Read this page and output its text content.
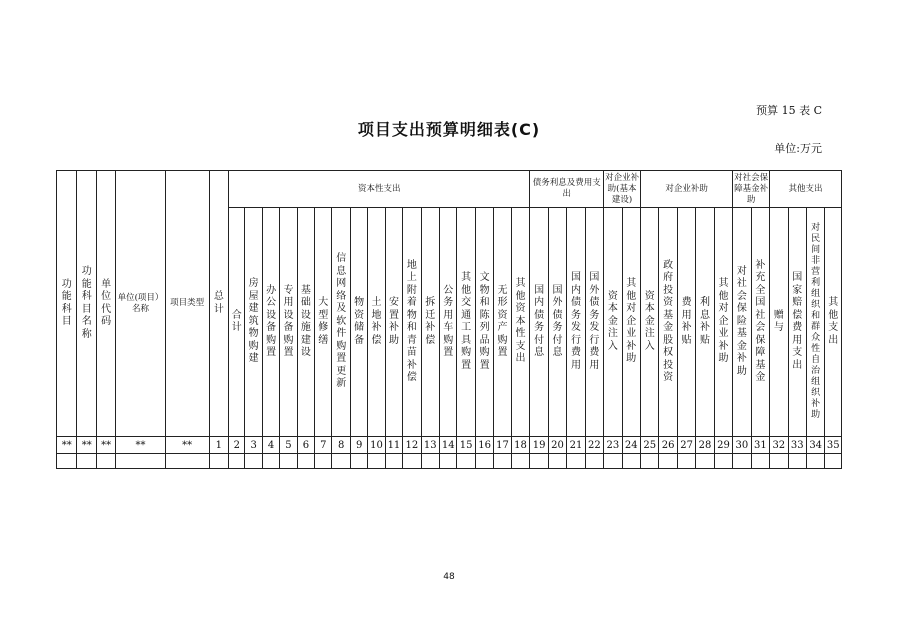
预算 15 表 C
项目支出预算明细表(C)
单位:万元
功能科目	功能科目名称	单位代码	单位(项目）名称	项目类型	总计	资本性支出																	债务利息及费用支出				对企业补助(基本建设)		对企业补助					对社会保障基金补助		其他支出			
						合计	房屋建筑物购建	办公设备购置	专用设备购置	基础设施建设	大型修缮	信息网络及软件购置更新	物资储备	土地补偿	安置补助	地上附着物和青苗补偿	拆迁补偿	公务用车购置	其他交通工具购置	文物和陈列品购置	无形资产购置	其他资本性支出	国内债务付息	国外债务付息	国内债务发行费用	国外债务发行费用	资本金注入	其他对企业补助	资本金注入	政府投资基金股权投资	费用补贴	利息补贴	其他对企业补助	对社会保险基金补助	补充全国社会保障基金	赠与	国家赔偿费用支出	对民间非营利组织和群众性自治组织补助	其他支出
**	**	**	**	**	1	2	3	4	5	6	7	8	9	10	11	12	13	14	15	16	17	18	19	20	21	22	23	24	25	26	27	28	29	30	31	32	33	34	35

48
